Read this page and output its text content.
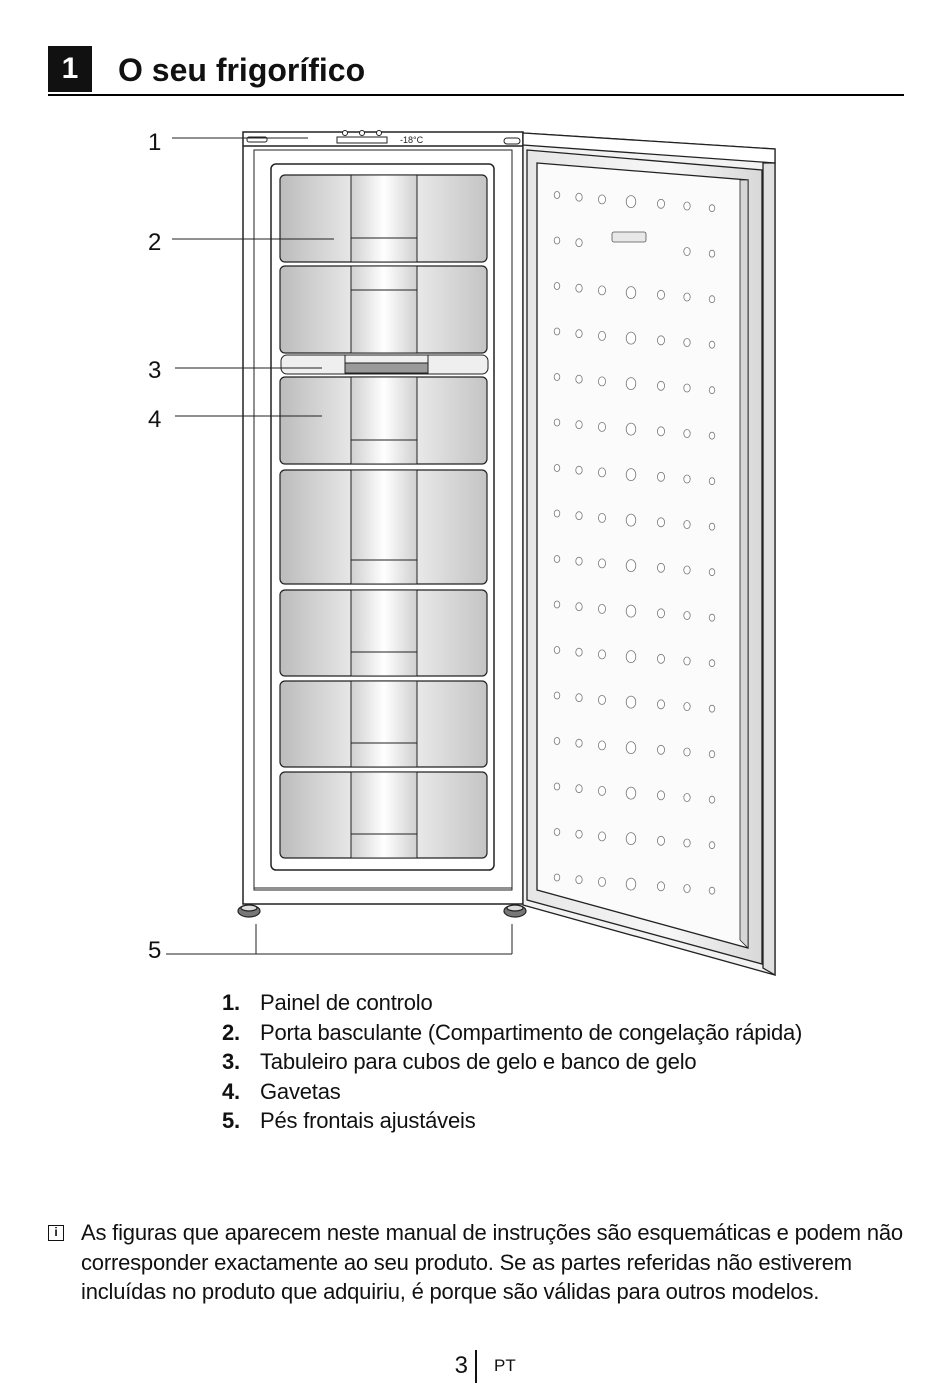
1	O seu frigorífico
-18°C
1
2
3
4
5
1. Painel de controlo
2. Porta basculante (Compartimento de congelação rápida)
3. Tabuleiro para cubos de gelo e banco de gelo
4. Gavetas
5. Pés frontais ajustáveis
i As figuras que aparecem neste manual de instruções são esquemáticas e podem não corresponder exactamente ao seu produto. Se as partes referidas não estiverem incluídas no produto que adquiriu, é porque são válidas para outros modelos.

3 PT
